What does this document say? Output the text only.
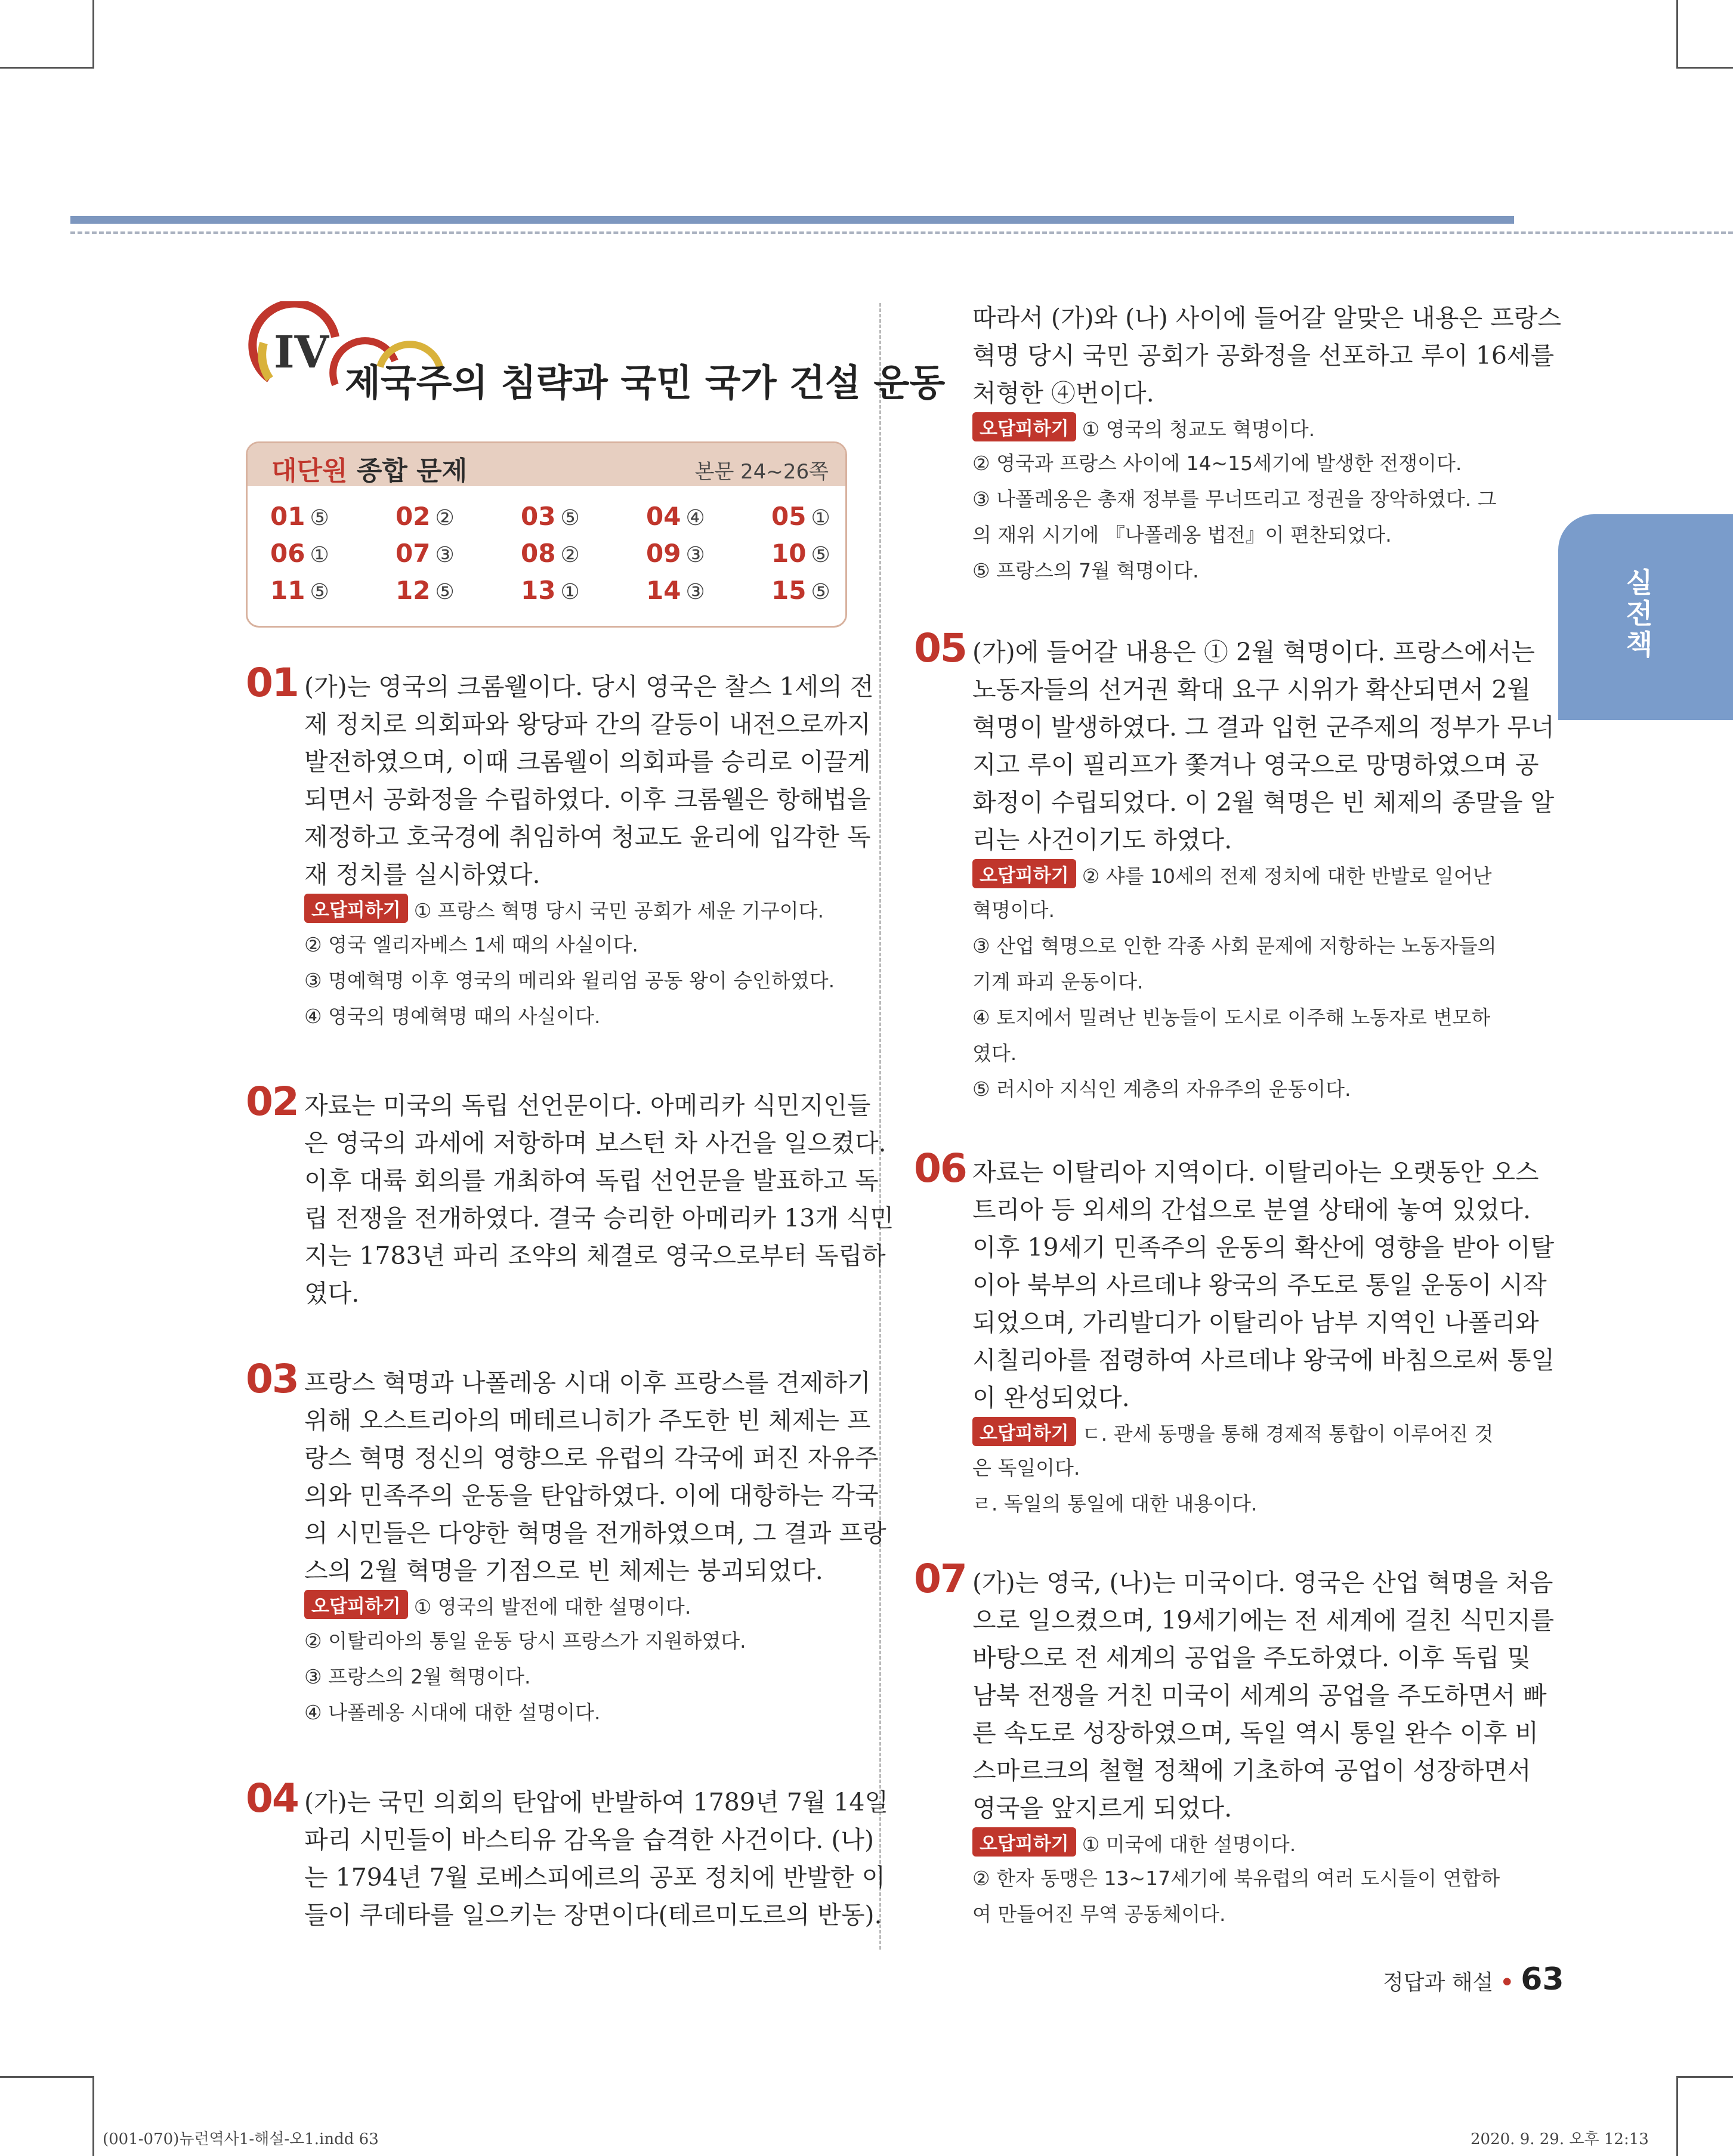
실전책
IV
제국주의 침략과 국민 국가 건설 운동
대단원 종합 문제	본문 24~26쪽
01 ⑤	02 ②	03 ⑤	04 ④	05 ①
06 ①	07 ③	08 ②	09 ③	10 ⑤
11 ⑤	12 ⑤	13 ①	14 ③	15 ⑤
01 (가)는 영국의 크롬웰이다. 당시 영국은 찰스 1세의 전
제 정치로 의회파와 왕당파 간의 갈등이 내전으로까지
발전하였으며, 이때 크롬웰이 의회파를 승리로 이끌게
되면서 공화정을 수립하였다. 이후 크롬웰은 항해법을
제정하고 호국경에 취임하여 청교도 윤리에 입각한 독
재 정치를 실시하였다.
오답피하기 ① 프랑스 혁명 당시 국민 공회가 세운 기구이다.
② 영국 엘리자베스 1세 때의 사실이다.
③ 명예혁명 이후 영국의 메리와 윌리엄 공동 왕이 승인하였다.
④ 영국의 명예혁명 때의 사실이다.
02 자료는 미국의 독립 선언문이다. 아메리카 식민지인들
은 영국의 과세에 저항하며 보스턴 차 사건을 일으켰다.
이후 대륙 회의를 개최하여 독립 선언문을 발표하고 독
립 전쟁을 전개하였다. 결국 승리한 아메리카 13개 식민
지는 1783년 파리 조약의 체결로 영국으로부터 독립하
였다.
03 프랑스 혁명과 나폴레옹 시대 이후 프랑스를 견제하기
위해 오스트리아의 메테르니히가 주도한 빈 체제는 프
랑스 혁명 정신의 영향으로 유럽의 각국에 퍼진 자유주
의와 민족주의 운동을 탄압하였다. 이에 대항하는 각국
의 시민들은 다양한 혁명을 전개하였으며, 그 결과 프랑
스의 2월 혁명을 기점으로 빈 체제는 붕괴되었다.
오답피하기 ① 영국의 발전에 대한 설명이다.
② 이탈리아의 통일 운동 당시 프랑스가 지원하였다.
③ 프랑스의 2월 혁명이다.
④ 나폴레옹 시대에 대한 설명이다.
04 (가)는 국민 의회의 탄압에 반발하여 1789년 7월 14일
파리 시민들이 바스티유 감옥을 습격한 사건이다. (나)
는 1794년 7월 로베스피에르의 공포 정치에 반발한 이
들이 쿠데타를 일으키는 장면이다(테르미도르의 반동).
따라서 (가)와 (나) 사이에 들어갈 알맞은 내용은 프랑스
혁명 당시 국민 공회가 공화정을 선포하고 루이 16세를
처형한 ④번이다.
오답피하기 ① 영국의 청교도 혁명이다.
② 영국과 프랑스 사이에 14~15세기에 발생한 전쟁이다.
③ 나폴레옹은 총재 정부를 무너뜨리고 정권을 장악하였다. 그
의 재위 시기에 『나폴레옹 법전』이 편찬되었다.
⑤ 프랑스의 7월 혁명이다.
05 (가)에 들어갈 내용은 ① 2월 혁명이다. 프랑스에서는
노동자들의 선거권 확대 요구 시위가 확산되면서 2월
혁명이 발생하였다. 그 결과 입헌 군주제의 정부가 무너
지고 루이 필리프가 쫓겨나 영국으로 망명하였으며 공
화정이 수립되었다. 이 2월 혁명은 빈 체제의 종말을 알
리는 사건이기도 하였다.
오답피하기 ② 샤를 10세의 전제 정치에 대한 반발로 일어난
혁명이다.
③ 산업 혁명으로 인한 각종 사회 문제에 저항하는 노동자들의
기계 파괴 운동이다.
④ 토지에서 밀려난 빈농들이 도시로 이주해 노동자로 변모하
였다.
⑤ 러시아 지식인 계층의 자유주의 운동이다.
06 자료는 이탈리아 지역이다. 이탈리아는 오랫동안 오스
트리아 등 외세의 간섭으로 분열 상태에 놓여 있었다.
이후 19세기 민족주의 운동의 확산에 영향을 받아 이탈
이아 북부의 사르데냐 왕국의 주도로 통일 운동이 시작
되었으며, 가리발디가 이탈리아 남부 지역인 나폴리와
시칠리아를 점령하여 사르데냐 왕국에 바침으로써 통일
이 완성되었다.
오답피하기 ㄷ. 관세 동맹을 통해 경제적 통합이 이루어진 것
은 독일이다.
ㄹ. 독일의 통일에 대한 내용이다.
07 (가)는 영국, (나)는 미국이다. 영국은 산업 혁명을 처음
으로 일으켰으며, 19세기에는 전 세계에 걸친 식민지를
바탕으로 전 세계의 공업을 주도하였다. 이후 독립 및
남북 전쟁을 거친 미국이 세계의 공업을 주도하면서 빠
른 속도로 성장하였으며, 독일 역시 통일 완수 이후 비
스마르크의 철혈 정책에 기초하여 공업이 성장하면서
영국을 앞지르게 되었다.
오답피하기 ① 미국에 대한 설명이다.
② 한자 동맹은 13~17세기에 북유럽의 여러 도시들이 연합하
여 만들어진 무역 공동체이다.
정답과 해설 • 63
(001-070)뉴런역사1-해설-오1.indd 63	2020. 9. 29. 오후 12:13
